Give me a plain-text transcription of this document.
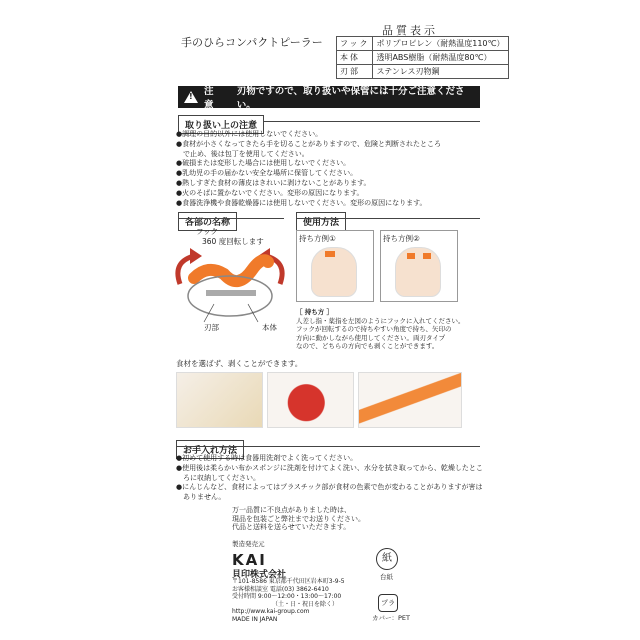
手のひらコンパクトピーラー
品質表示
フック	ポリプロピレン（耐熱温度110℃）
本体	透明ABS樹脂（耐熱温度80℃）
刃部	ステンレス刃物鋼
!
注意
刃物ですので、取り扱いや保管には十分ご注意ください。
取り扱い上の注意
●調理の目的以外には使用しないでください。
●食材が小さくなってきたら手を切ることがありますので、危険と判断されたところ
　で止め、後は包丁を使用してください。
●破損または変形した場合には使用しないでください。
●乳幼児の手の届かない安全な場所に保管してください。
●熱しすぎた食材の薄皮はきれいに剥けないことがあります。
●火のそばに置かないでください。変形の原因になります。
●食器洗浄機や食器乾燥器には使用しないでください。変形の原因になります。
各部の名称
フック
360 度回転します
刃部	本体
使用方法
持ち方例①	持ち方例②
［ 持ち方 ］
人差し指・薬指を左図のようにフックに入れてください。
フックが回転するので持ちやすい角度で持ち、矢印の
方向に動かしながら使用してください。両刃タイプ
なので、どちらの方向でも剥くことができます。
食材を選ばず、剥くことができます。
お手入れ方法
●初めて使用する時は食器用洗剤でよく洗ってください。
●使用後は柔らかい布かスポンジに洗剤を付けてよく洗い、水分を拭き取ってから、乾燥したとこ
　ろに収納してください。
●にんじんなど、食材によってはプラスチック部が食材の色素で色が変わることがありますが害は
　ありません。
万一品質に不良点がありました時は、
現品を包装ごと弊社までお送りください。
代品と送料を送らせていただきます。
製造発売元
KAI
貝印株式会社
〒101-8586 東京都千代田区岩本町3-9-5
お客様相談室 電話(03) 3862-6410
受付時間 9:00～12:00・13:00～17:00
（土・日・祝日を除く）
http://www.kai-group.com
MADE IN JAPAN
紙
台紙
プラ
カバー：PET
